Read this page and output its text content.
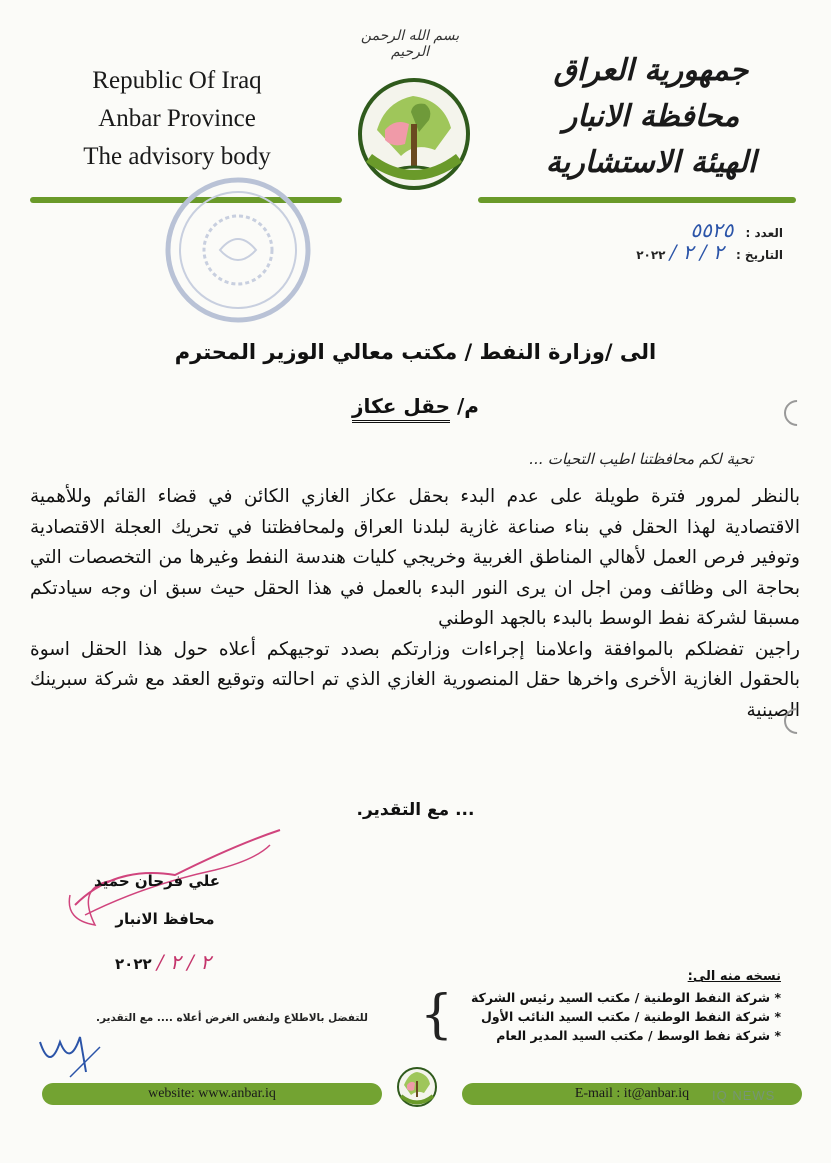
Republic Of Iraq
Anbar Province
The advisory body
بسم الله الرحمن الرحيم
جمهورية العراق
محافظة الانبار
الهيئة الاستشارية
العدد : ٥٥٢٥
التاريخ : ٢ / ٢ / ٢٠٢٢
الى /وزارة النفط / مكتب معالي الوزير المحترم
م/ حقل عكاز
تحية لكم محافظتنا اطيب التحيات ...

بالنظر لمرور فترة طويلة على عدم البدء بحقل عكاز الغازي الكائن في قضاء القائم وللأهمية الاقتصادية لهذا الحقل في بناء صناعة غازية لبلدنا العراق ولمحافظتنا في تحريك العجلة الاقتصادية وتوفير فرص العمل لأهالي المناطق الغربية وخريجي كليات هندسة النفط وغيرها من التخصصات التي بحاجة الى وظائف ومن اجل ان يرى النور البدء بالعمل في هذا الحقل حيث سبق ان وجه سيادتكم مسبقا لشركة نفط الوسط بالبدء بالجهد الوطني

راجين تفضلكم بالموافقة واعلامنا إجراءات وزارتكم بصدد توجيهكم أعلاه حول هذا الحقل اسوة بالحقول الغازية الأخرى واخرها حقل المنصورية الغازي الذي تم احالته وتوقيع العقد مع شركة سبرينك الصينية

... مع التقدير.
علي فرحان حميد
محافظ الانبار
٢ / ٢ / ٢٠٢٢
نسخه منه الى:
* شركة النفط الوطنية / مكتب السيد رئيس الشركة
* شركة النفط الوطنية / مكتب السيد النائب الأول
* شركة نفط الوسط / مكتب السيد المدير العام
{
للتفضل بالاطلاع ولنفس الغرض أعلاه .... مع التقدير.
website: www.anbar.iq	E-mail : it@anbar.iq IQ NEWS
